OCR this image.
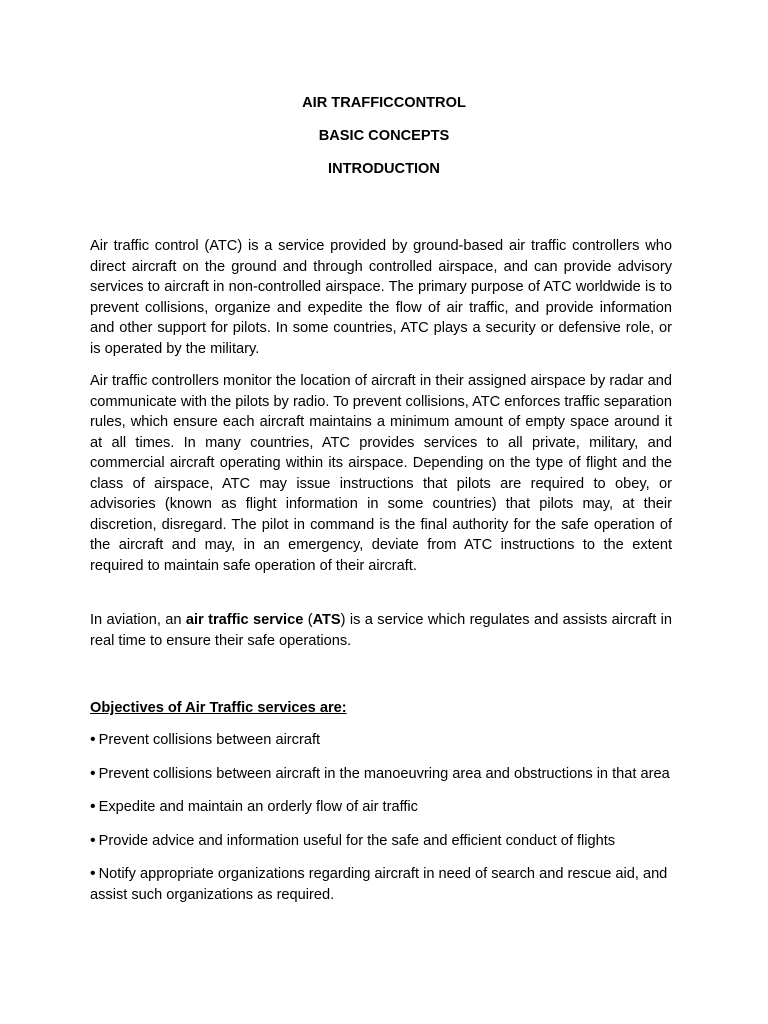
AIR TRAFFICCONTROL
BASIC CONCEPTS
INTRODUCTION

Air traffic control (ATC) is a service provided by ground-based air traffic controllers who direct aircraft on the ground and through controlled airspace, and can provide advisory services to aircraft in non-controlled airspace. The primary purpose of ATC worldwide is to prevent collisions, organize and expedite the flow of air traffic, and provide information and other support for pilots. In some countries, ATC plays a security or defensive role, or is operated by the military.

Air traffic controllers monitor the location of aircraft in their assigned airspace by radar and communicate with the pilots by radio. To prevent collisions, ATC enforces traffic separation rules, which ensure each aircraft maintains a minimum amount of empty space around it at all times. In many countries, ATC provides services to all private, military, and commercial aircraft operating within its airspace. Depending on the type of flight and the class of airspace, ATC may issue instructions that pilots are required to obey, or advisories (known as flight information in some countries) that pilots may, at their discretion, disregard. The pilot in command is the final authority for the safe operation of the aircraft and may, in an emergency, deviate from ATC instructions to the extent required to maintain safe operation of their aircraft.

In aviation, an air traffic service (ATS) is a service which regulates and assists aircraft in real time to ensure their safe operations.

Objectives of Air Traffic services are:
• Prevent collisions between aircraft
• Prevent collisions between aircraft in the manoeuvring area and obstructions in that area
• Expedite and maintain an orderly flow of air traffic
• Provide advice and information useful for the safe and efficient conduct of flights
• Notify appropriate organizations regarding aircraft in need of search and rescue aid, and assist such organizations as required.
